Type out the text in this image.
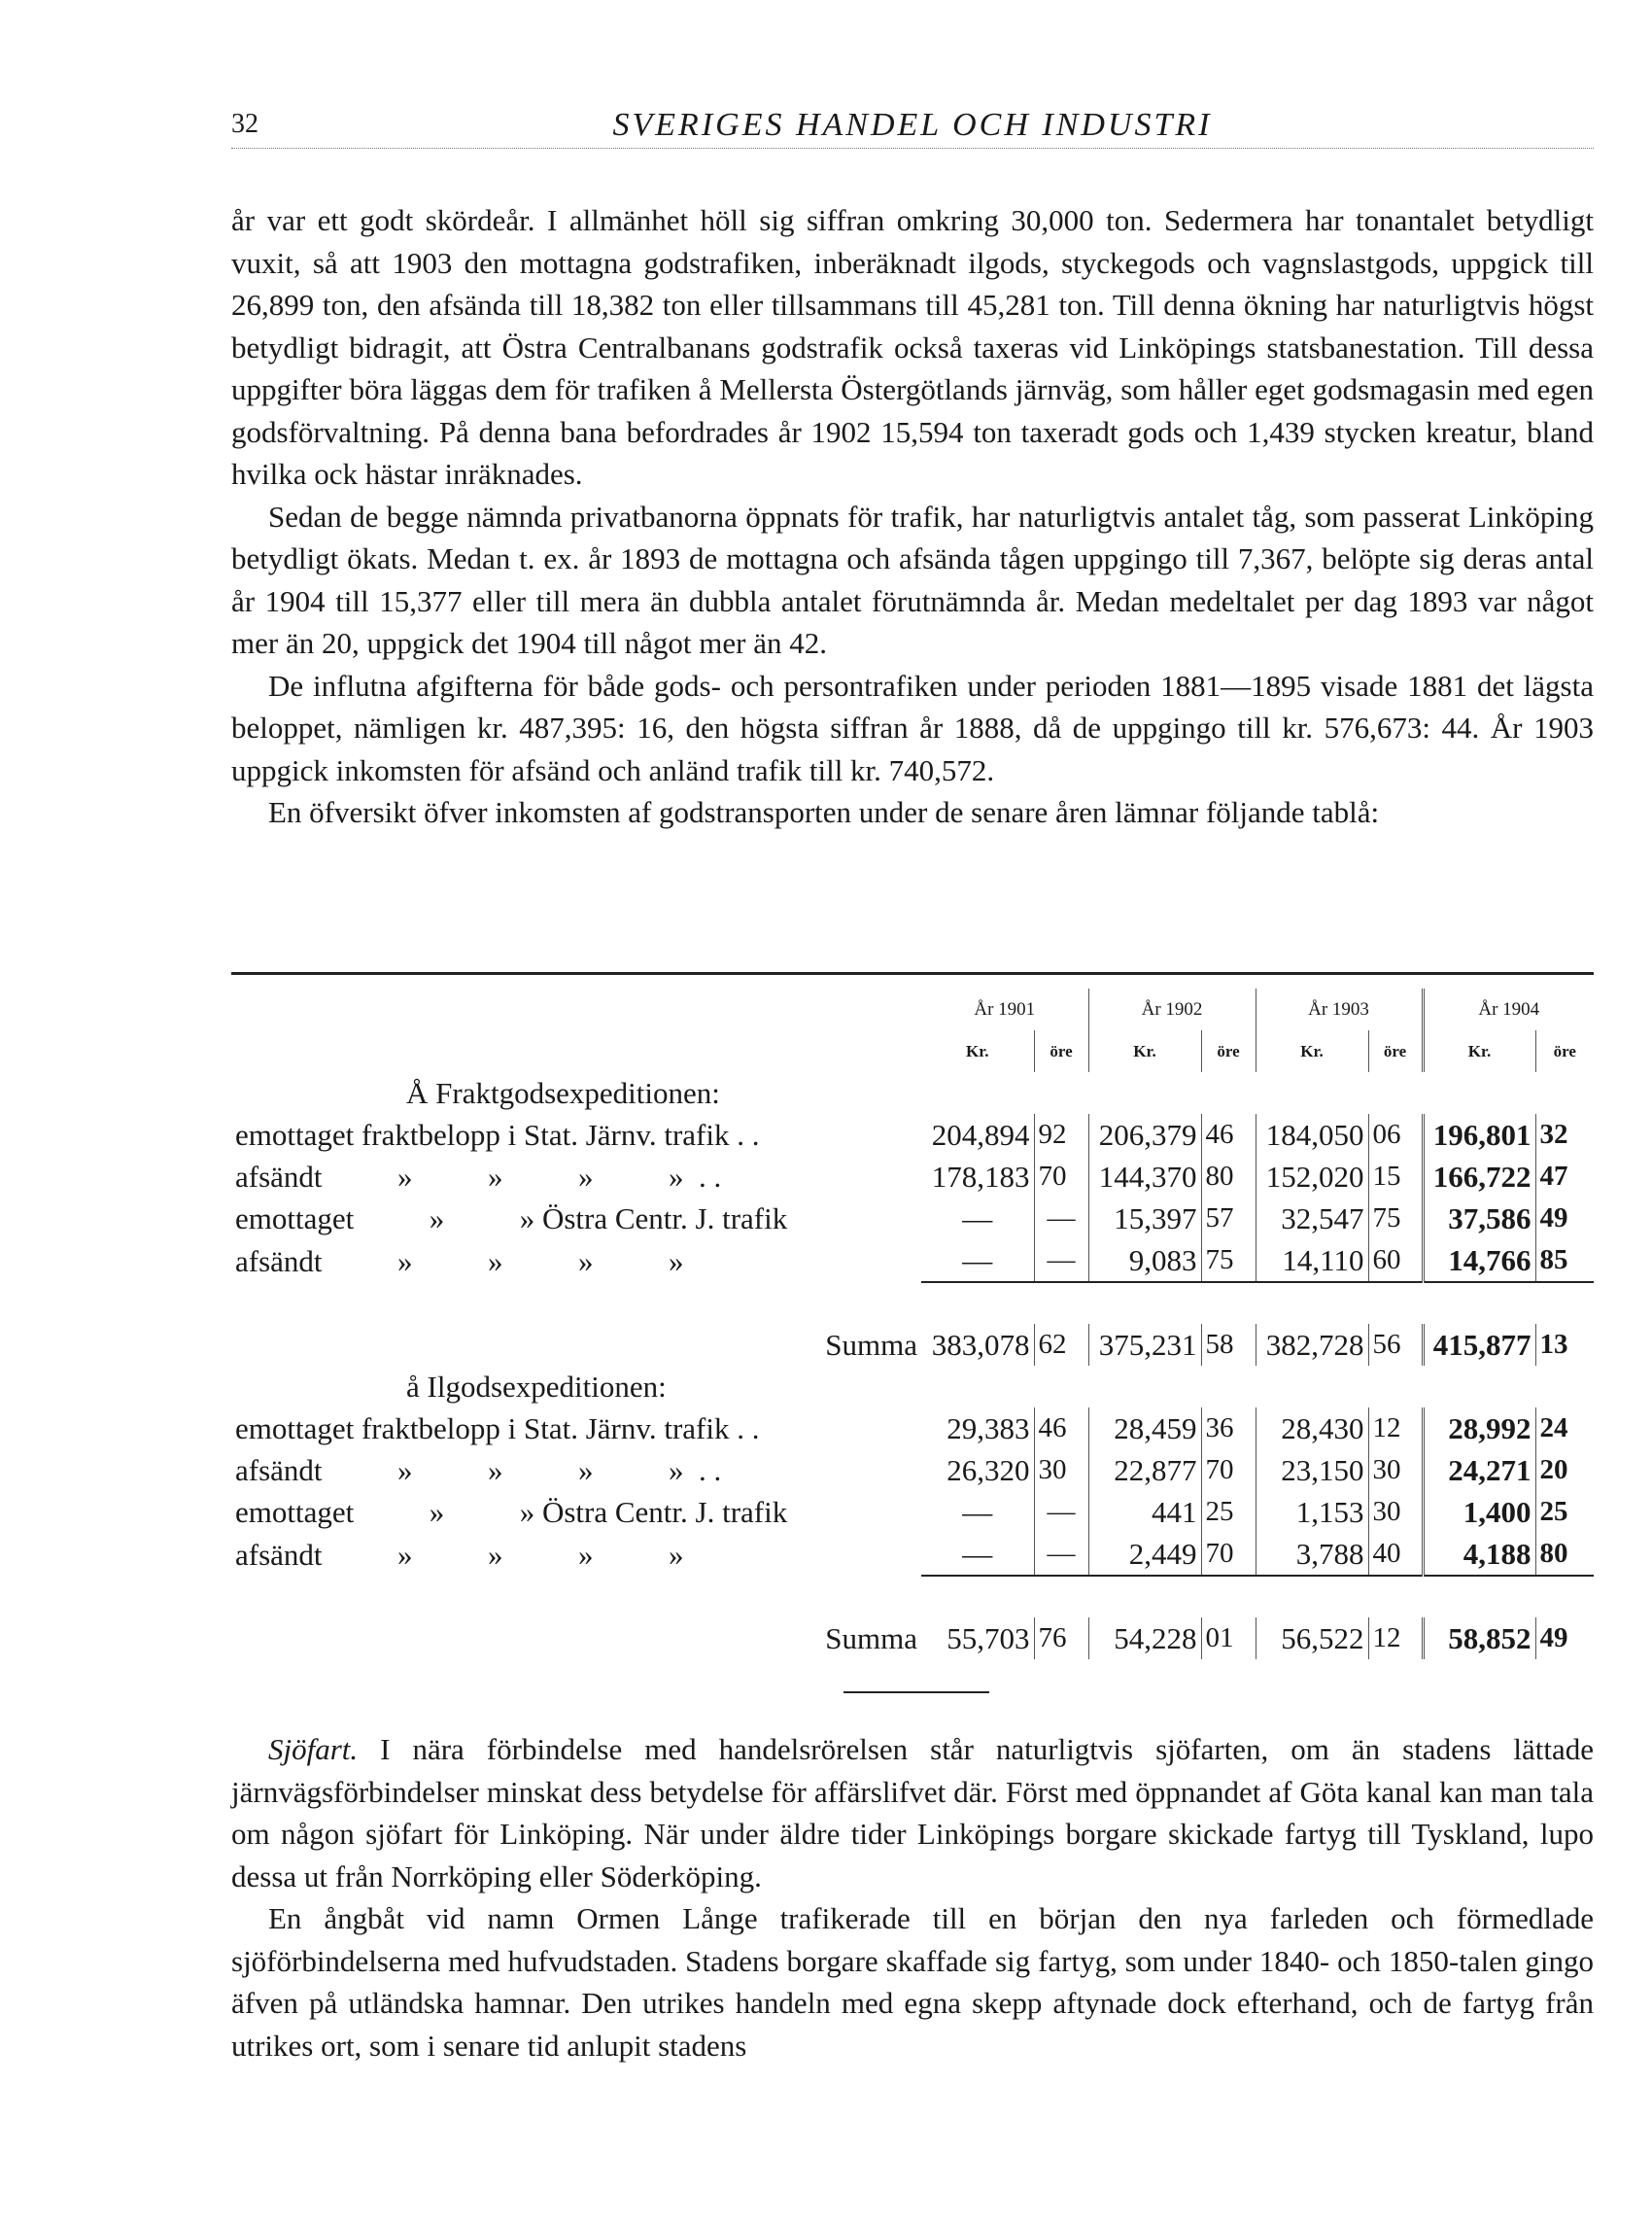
32	SVERIGES HANDEL OCH INDUSTRI

år var ett godt skördeår. I allmänhet höll sig siffran omkring 30,000 ton. Sedermera har tonantalet betydligt vuxit, så att 1903 den mottagna godstrafiken, inberäknadt ilgods, styckegods och vagnslastgods, uppgick till 26,899 ton, den afsända till 18,382 ton eller tillsammans till 45,281 ton. Till denna ökning har naturligtvis högst betydligt bidragit, att Östra Centralbanans godstrafik också taxeras vid Linköpings statsbanestation. Till dessa uppgifter böra läggas dem för trafiken å Mellersta Östergötlands järnväg, som håller eget godsmagasin med egen godsförvaltning. På denna bana befordrades år 1902 15,594 ton taxeradt gods och 1,439 stycken kreatur, bland hvilka ock hästar inräknades.

Sedan de begge nämnda privatbanorna öppnats för trafik, har naturligtvis antalet tåg, som passerat Linköping betydligt ökats. Medan t. ex. år 1893 de mottagna och afsända tågen uppgingo till 7,367, belöpte sig deras antal år 1904 till 15,377 eller till mera än dubbla antalet förutnämnda år. Medan medeltalet per dag 1893 var något mer än 20, uppgick det 1904 till något mer än 42.

De influtna afgifterna för både gods- och persontrafiken under perioden 1881—1895 visade 1881 det lägsta beloppet, nämligen kr. 487,395: 16, den högsta siffran år 1888, då de uppgingo till kr. 576,673: 44. År 1903 uppgick inkomsten för afsänd och anländ trafik till kr. 740,572.

En öfversikt öfver inkomsten af godstransporten under de senare åren lämnar följande tablå:

	År 1901		År 1902		År 1903		År 1904	
	Kr.	öre	Kr.	öre	Kr.	öre	Kr.	öre
Å Fraktgodsexpeditionen:								
emottaget fraktbelopp i Stat. Järnv. trafik . .	204,894	92	206,379	46	184,050	06	196,801	32
afsändt          »          »          »          »  . .	178,183	70	144,370	80	152,020	15	166,722	47
emottaget          »          » Östra Centr. J. trafik	—	—	15,397	57	32,547	75	37,586	49
afsändt          »          »          »          »	—	—	9,083	75	14,110	60	14,766	85

Summa	383,078	62	375,231	58	382,728	56	415,877	13
å Ilgodsexpeditionen:								
emottaget fraktbelopp i Stat. Järnv. trafik . .	29,383	46	28,459	36	28,430	12	28,992	24
afsändt          »          »          »          »  . .	26,320	30	22,877	70	23,150	30	24,271	20
emottaget          »          » Östra Centr. J. trafik	—	—	441	25	1,153	30	1,400	25
afsändt          »          »          »          »	—	—	2,449	70	3,788	40	4,188	80

Summa	55,703	76	54,228	01	56,522	12	58,852	49

Sjöfart. I nära förbindelse med handelsrörelsen står naturligtvis sjöfarten, om än stadens lättade järnvägsförbindelser minskat dess betydelse för affärslifvet där. Först med öppnandet af Göta kanal kan man tala om någon sjöfart för Linköping. När under äldre tider Linköpings borgare skickade fartyg till Tyskland, lupo dessa ut från Norrköping eller Söderköping.

En ångbåt vid namn Ormen Långe trafikerade till en början den nya farleden och förmedlade sjöförbindelserna med hufvudstaden. Stadens borgare skaffade sig fartyg, som under 1840- och 1850-talen gingo äfven på utländska hamnar. Den utrikes handeln med egna skepp aftynade dock efterhand, och de fartyg från utrikes ort, som i senare tid anlupit stadens
